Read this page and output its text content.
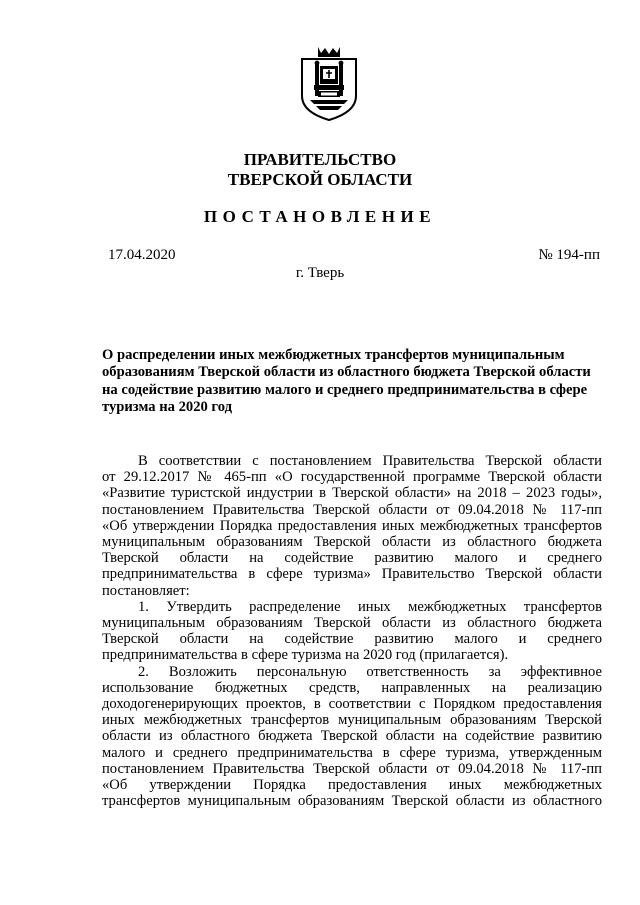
ПРАВИТЕЛЬСТВО
ТВЕРСКОЙ ОБЛАСТИ
ПОСТАНОВЛЕНИЕ
17.04.2020	№ 194-пп
г. Тверь
О распределении иных межбюджетных трансфертов муниципальным
образованиям Тверской области из областного бюджета Тверской области
на содействие развитию малого и среднего предпринимательства в сфере
туризма на 2020 год
В соответствии с постановлением Правительства Тверской области
от 29.12.2017 № 465-пп «О государственной программе Тверской области
«Развитие туристской индустрии в Тверской области» на 2018 – 2023 годы»,
постановлением Правительства Тверской области от 09.04.2018 № 117-пп
«Об утверждении Порядка предоставления иных межбюджетных трансфертов
муниципальным образованиям Тверской области из областного бюджета
Тверской области на содействие развитию малого и среднего
предпринимательства в сфере туризма» Правительство Тверской области
постановляет:
1. Утвердить распределение иных межбюджетных трансфертов
муниципальным образованиям Тверской области из областного бюджета
Тверской области на содействие развитию малого и среднего
предпринимательства в сфере туризма на 2020 год (прилагается).
2. Возложить персональную ответственность за эффективное
использование бюджетных средств, направленных на реализацию
доходогенерирующих проектов, в соответствии с Порядком предоставления
иных межбюджетных трансфертов муниципальным образованиям Тверской
области из областного бюджета Тверской области на содействие развитию
малого и среднего предпринимательства в сфере туризма, утвержденным
постановлением Правительства Тверской области от 09.04.2018 № 117-пп
«Об утверждении Порядка предоставления иных межбюджетных
трансфертов муниципальным образованиям Тверской области из областного
